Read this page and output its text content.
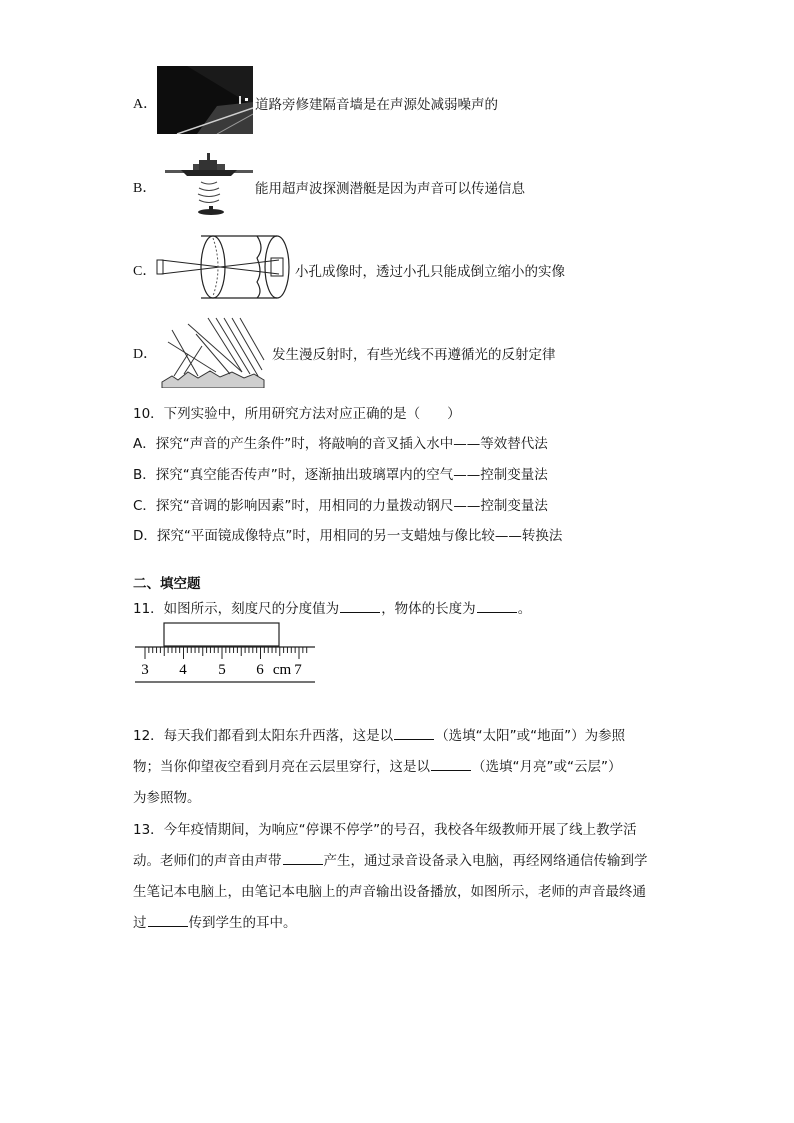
A．	道路旁修建隔音墙是在声源处减弱噪声的
B．	能用超声波探测潜艇是因为声音可以传递信息
C．	小孔成像时，透过小孔只能成倒立缩小的实像
D．	发生漫反射时，有些光线不再遵循光的反射定律
10．下列实验中，所用研究方法对应正确的是（　　）
A．探究“声音的产生条件”时，将敲响的音叉插入水中——等效替代法
B．探究“真空能否传声”时，逐渐抽出玻璃罩内的空气——控制变量法
C．探究“音调的影响因素”时，用相同的力量拨动钢尺——控制变量法
D．探究“平面镜成像特点”时，用相同的另一支蜡烛与像比较——转换法
二、填空题
11．如图所示，刻度尺的分度值为	，物体的长度为	。
3 4 5 6 cm 7
12．每天我们都看到太阳东升西落，这是以	（选填“太阳”或“地面”）为参照
物；当你仰望夜空看到月亮在云层里穿行，这是以	（选填“月亮”或“云层”）
为参照物。
13．今年疫情期间，为响应“停课不停学”的号召，我校各年级教师开展了线上教学活
动。老师们的声音由声带	产生，通过录音设备录入电脑，再经网络通信传输到学
生笔记本电脑上，由笔记本电脑上的声音输出设备播放，如图所示，老师的声音最终通
过	传到学生的耳中。
